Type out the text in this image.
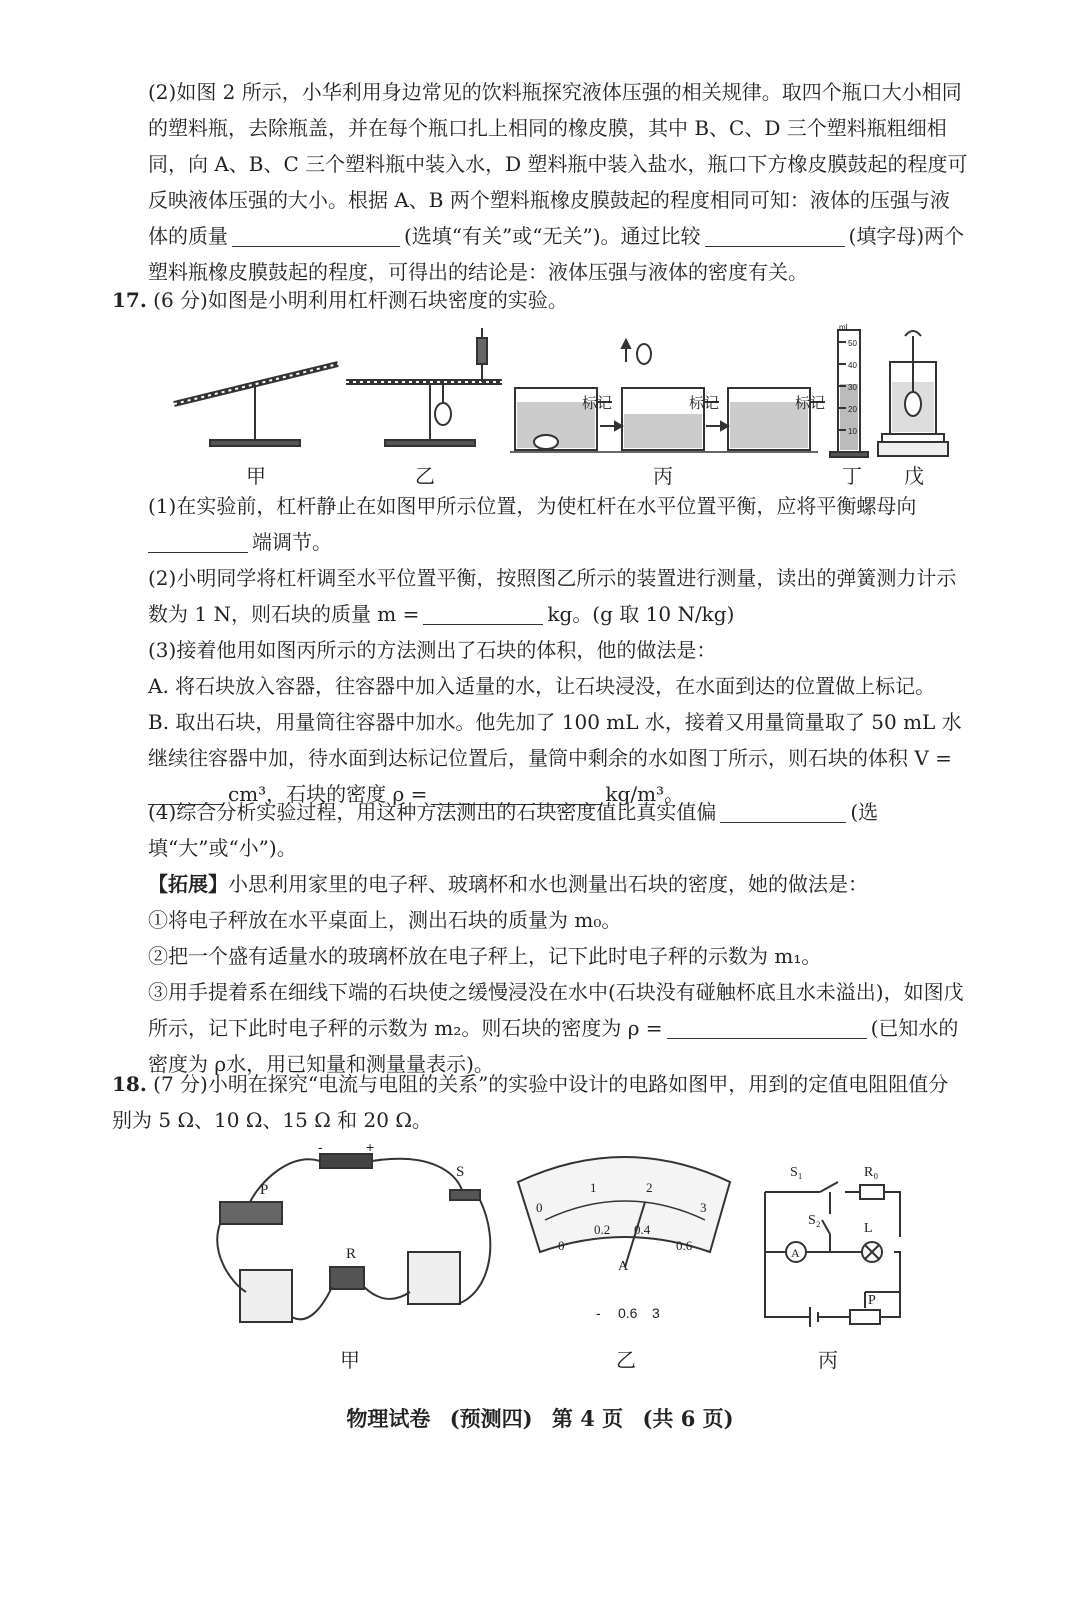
(2)如图 2 所示，小华利用身边常见的饮料瓶探究液体压强的相关规律。取四个瓶口大小相同的塑料瓶，去除瓶盖，并在每个瓶口扎上相同的橡皮膜，其中 B、C、D 三个塑料瓶粗细相同，向 A、B、C 三个塑料瓶中装入水，D 塑料瓶中装入盐水，瓶口下方橡皮膜鼓起的程度可反映液体压强的大小。根据 A、B 两个塑料瓶橡皮膜鼓起的程度相同可知：液体的压强与液体的质量	(选填“有关”或“无关”)。通过比较	(填字母)两个塑料瓶橡皮膜鼓起的程度，可得出的结论是：液体压强与液体的密度有关。

17. (6 分)如图是小明利用杠杆测石块密度的实验。

标记	标记	标记
mL
50
40
30
20
10
甲	乙	丙	丁	戊

(1)在实验前，杠杆静止在如图甲所示位置，为使杠杆在水平位置平衡，应将平衡螺母向
端调节。

(2)小明同学将杠杆调至水平位置平衡，按照图乙所示的装置进行测量，读出的弹簧测力计示数为 1 N，则石块的质量 m =	kg。(g 取 10 N/kg)

(3)接着他用如图丙所示的方法测出了石块的体积，他的做法是：
A. 将石块放入容器，往容器中加入适量的水，让石块浸没，在水面到达的位置做上标记。
B. 取出石块，用量筒往容器中加水。他先加了 100 mL 水，接着又用量筒量取了 50 mL 水继续往容器中加，待水面到达标记位置后，量筒中剩余的水如图丁所示，则石块的体积 V =
cm³，石块的密度 ρ =	kg/m³。

(4)综合分析实验过程，用这种方法测出的石块密度值比真实值偏	(选填“大”或“小”)。

【拓展】小思利用家里的电子秤、玻璃杯和水也测量出石块的密度，她的做法是：
①将电子秤放在水平桌面上，测出石块的质量为 m₀。
②把一个盛有适量水的玻璃杯放在电子秤上，记下此时电子秤的示数为 m₁。
③用手提着系在细线下端的石块使之缓慢浸没在水中(石块没有碰触杯底且水未溢出)，如图戊所示，记下此时电子秤的示数为 m₂。则石块的密度为 ρ =	(已知水的密度为 ρ水，用已知量和测量量表示)。

18. (7 分)小明在探究“电流与电阻的关系”的实验中设计的电路如图甲，用到的定值电阻阻值分别为 5 Ω、10 Ω、15 Ω 和 20 Ω。

P
R
S
-	+
0
1	2
3
0
0.2 0.4
0.6
A
- 0.6 3
S₁	R₀
S₂
L
A
P
甲	乙	丙
物理试卷 (预测四) 第 4 页 (共 6 页)
